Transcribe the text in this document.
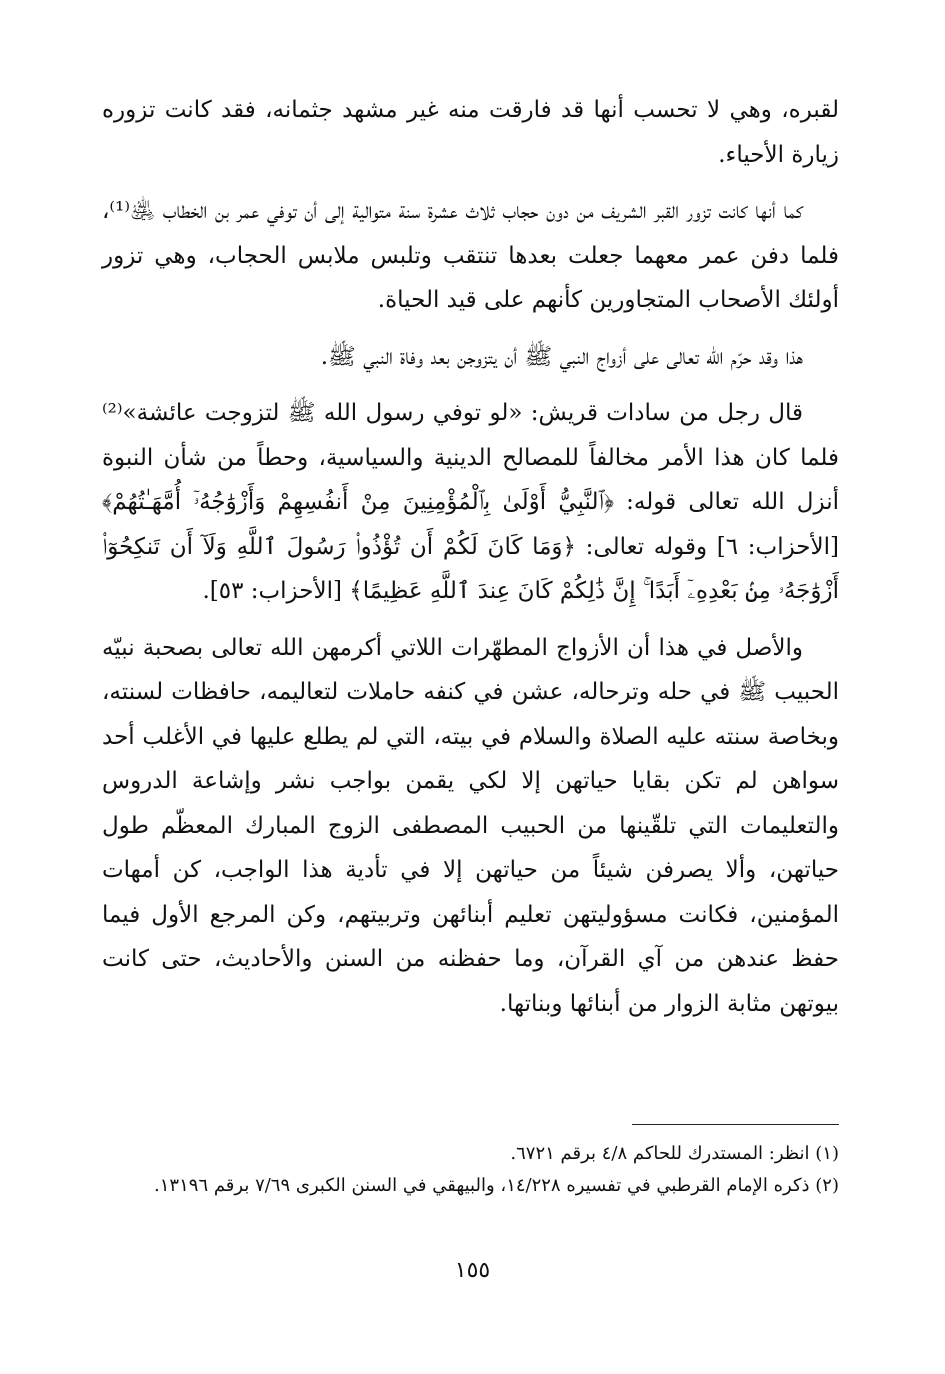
لقبره، وهي لا تحسب أنها قد فارقت منه غير مشهد جثمانه، فقد كانت تزوره زيارة الأحياء.

كما أنها كانت تزور القبر الشريف من دون حجاب ثلاث عشرة سنة متوالية إلى أن توفي عمر بن الخطاب ﵁⁽¹⁾، فلما دفن عمر معهما جعلت بعدها تنتقب وتلبس ملابس الحجاب، وهي تزور أولئك الأصحاب المتجاورين كأنهم على قيد الحياة.

هذا وقد حرّم الله تعالى على أزواج النبي ﷺ أن يتزوجن بعد وفاة النبي ﷺ.

قال رجل من سادات قريش: «لو توفي رسول الله ﷺ لتزوجت عائشة»⁽²⁾ فلما كان هذا الأمر مخالفاً للمصالح الدينية والسياسية، وحطاً من شأن النبوة أنزل الله تعالى قوله: ﴿ٱلنَّبِيُّ أَوْلَىٰ بِٱلْمُؤْمِنِينَ مِنْ أَنفُسِهِمْ وَأَزْوَٰجُهُۥٓ أُمَّهَـٰتُهُمْ﴾ [الأحزاب: ٦] وقوله تعالى: ﴿وَمَا كَانَ لَكُمْ أَن تُؤْذُوا۟ رَسُولَ ٱللَّهِ وَلَآ أَن تَنكِحُوٓا۟ أَزْوَٰجَهُۥ مِنۢ بَعْدِهِۦٓ أَبَدًا ۚ إِنَّ ذَٰلِكُمْ كَانَ عِندَ ٱللَّهِ عَظِيمًا﴾ [الأحزاب: ٥٣].

والأصل في هذا أن الأزواج المطهّرات اللاتي أكرمهن الله تعالى بصحبة نبيّه الحبيب ﷺ في حله وترحاله، عشن في كنفه حاملات لتعاليمه، حافظات لسنته، وبخاصة سنته عليه الصلاة والسلام في بيته، التي لم يطلع عليها في الأغلب أحد سواهن لم تكن بقايا حياتهن إلا لكي يقمن بواجب نشر وإشاعة الدروس والتعليمات التي تلقّينها من الحبيب المصطفى الزوج المبارك المعظّم طول حياتهن، وألا يصرفن شيئاً من حياتهن إلا في تأدية هذا الواجب، كن أمهات المؤمنين، فكانت مسؤوليتهن تعليم أبنائهن وتربيتهم، وكن المرجع الأول فيما حفظ عندهن من آي القرآن، وما حفظنه من السنن والأحاديث، حتى كانت بيوتهن مثابة الزوار من أبنائها وبناتها.

(١) انظر: المستدرك للحاكم ٤/٨ برقم ٦٧٢١.

(٢) ذكره الإمام القرطبي في تفسيره ١٤/٢٢٨، والبيهقي في السنن الكبرى ٧/٦٩ برقم ١٣١٩٦.

١٥٥
